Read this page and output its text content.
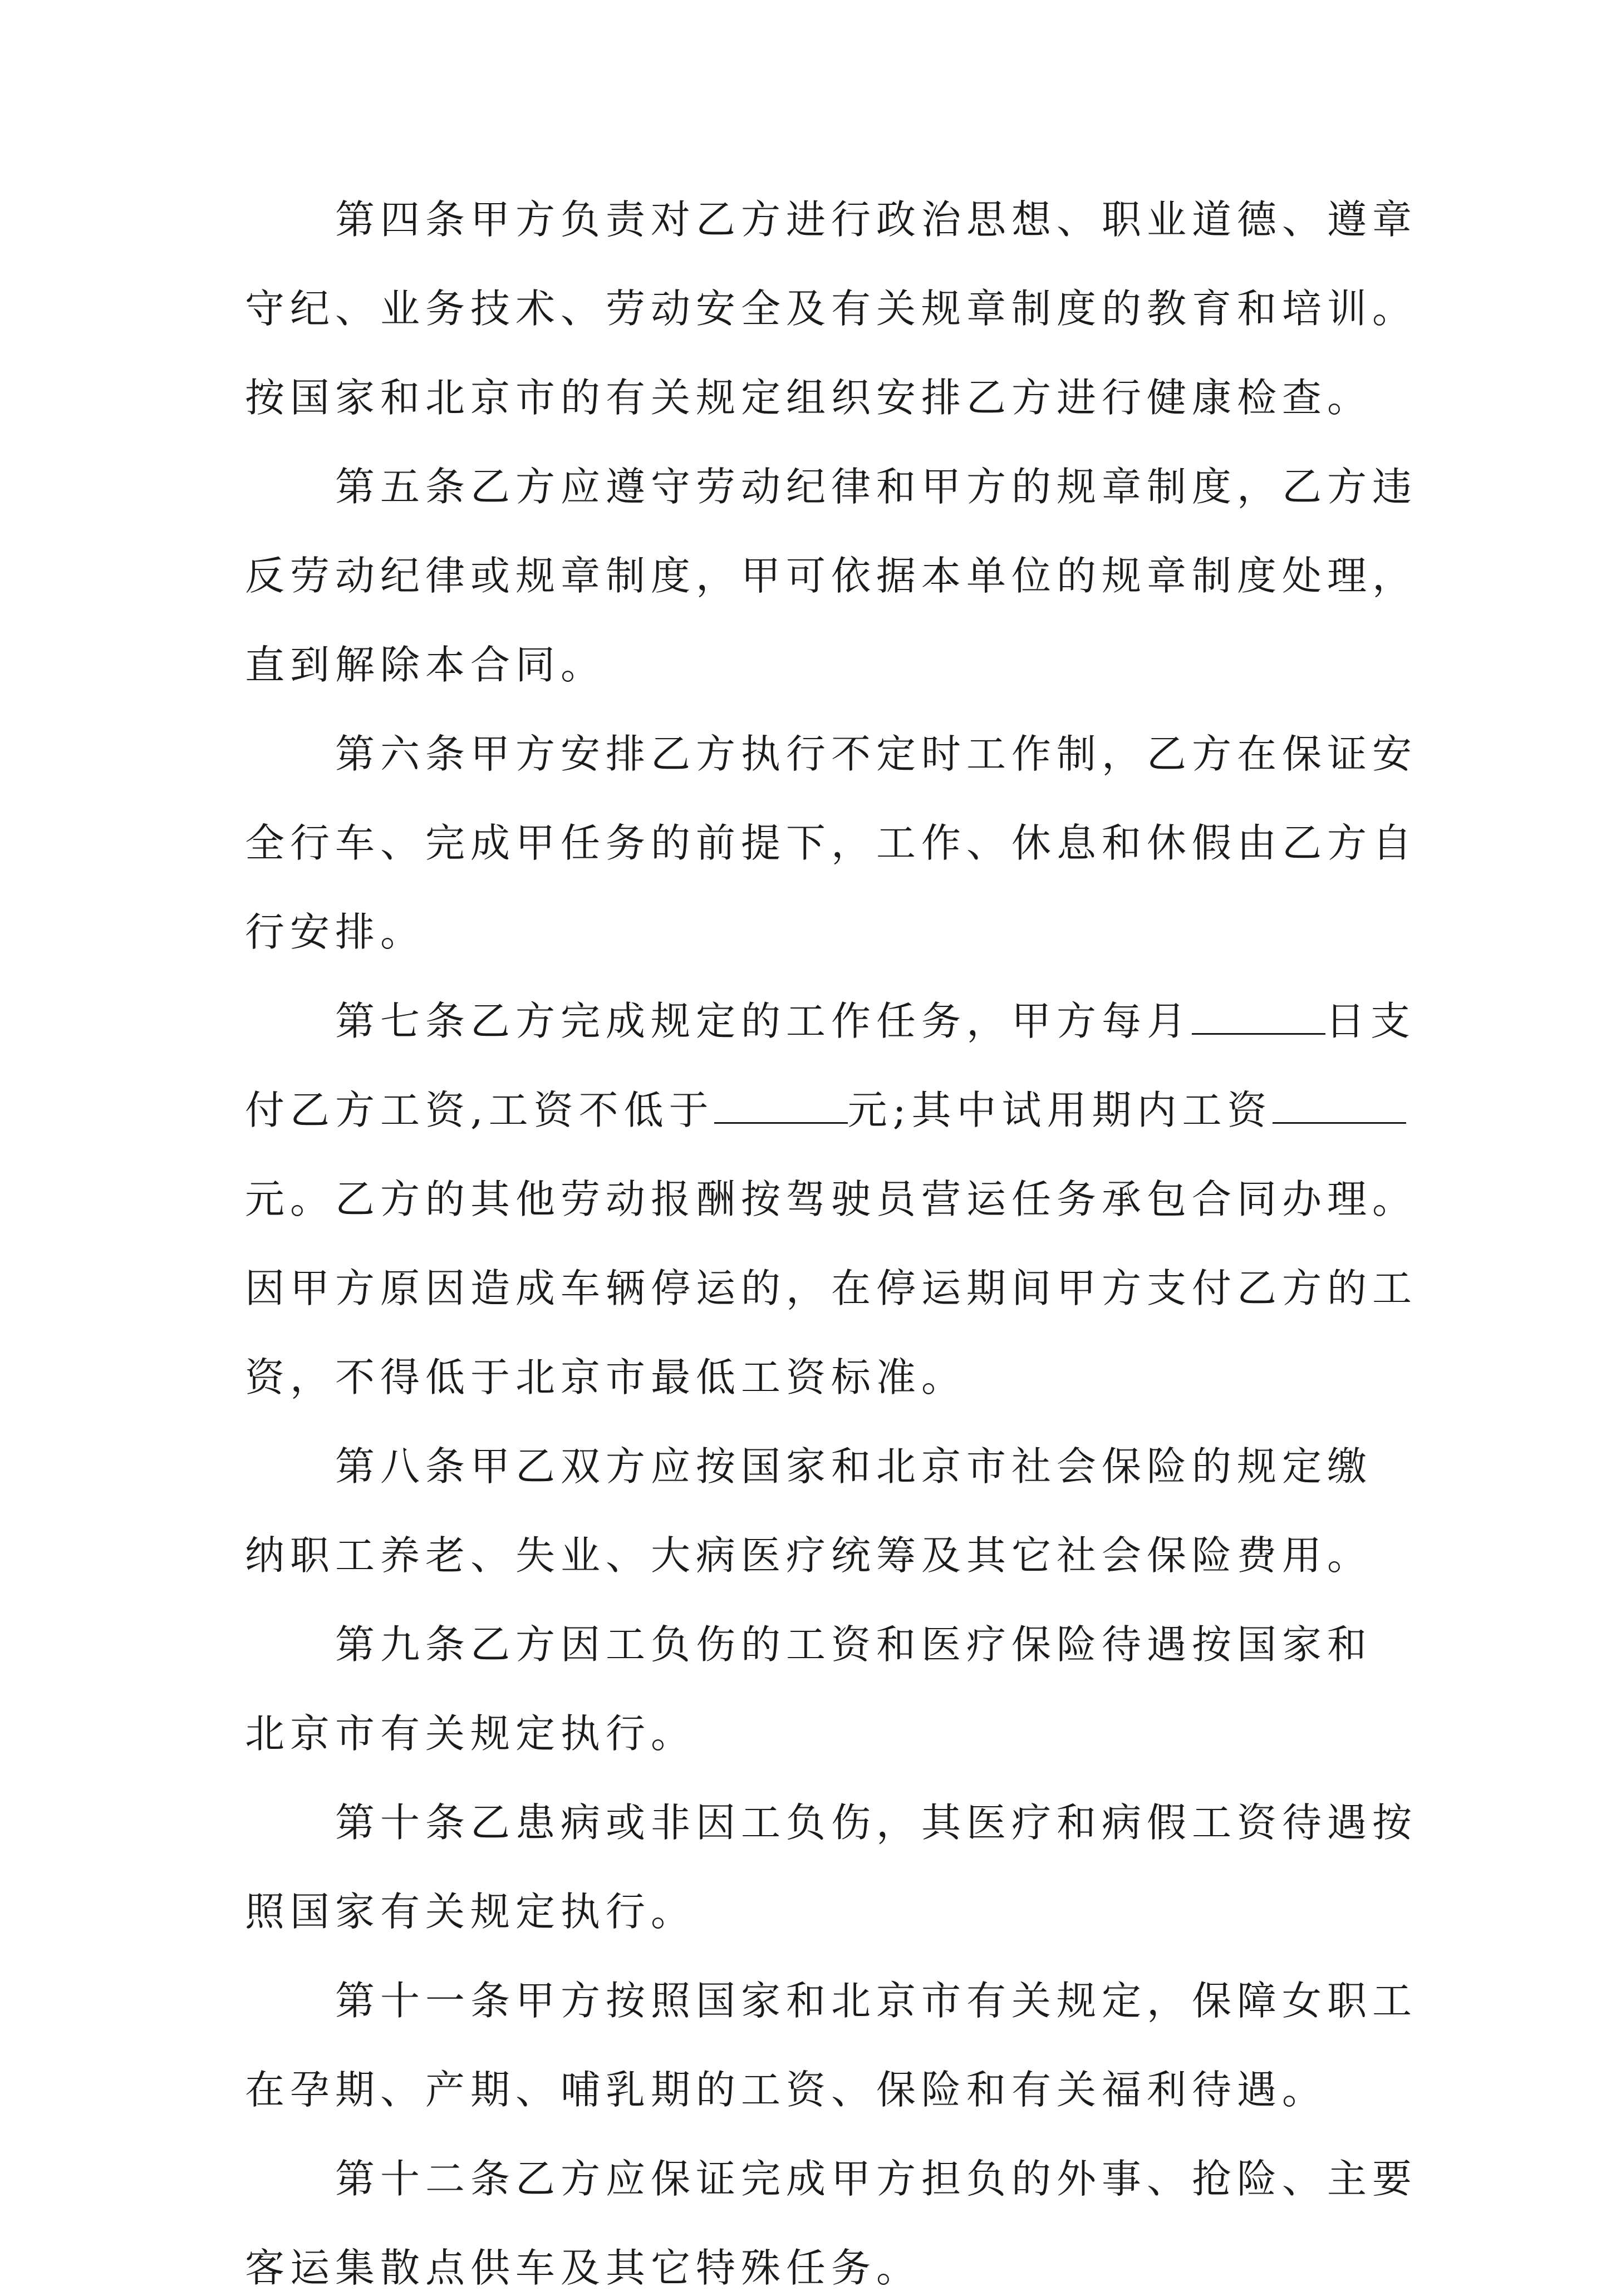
第四条甲方负责对乙方进行政治思想、职业道德、遵章
守纪、业务技术、劳动安全及有关规章制度的教育和培训。
按国家和北京市的有关规定组织安排乙方进行健康检查。
第五条乙方应遵守劳动纪律和甲方的规章制度，乙方违
反劳动纪律或规章制度，甲可依据本单位的规章制度处理，
直到解除本合同。
第六条甲方安排乙方执行不定时工作制，乙方在保证安
全行车、完成甲任务的前提下，工作、休息和休假由乙方自
行安排。
第七条乙方完成规定的工作任务，甲方每月	日支
付乙方工资,工资不低于	元;其中试用期内工资
元。乙方的其他劳动报酬按驾驶员营运任务承包合同办理。
因甲方原因造成车辆停运的，在停运期间甲方支付乙方的工
资，不得低于北京市最低工资标准。
第八条甲乙双方应按国家和北京市社会保险的规定缴
纳职工养老、失业、大病医疗统筹及其它社会保险费用。
第九条乙方因工负伤的工资和医疗保险待遇按国家和
北京市有关规定执行。
第十条乙患病或非因工负伤，其医疗和病假工资待遇按
照国家有关规定执行。
第十一条甲方按照国家和北京市有关规定，保障女职工
在孕期、产期、哺乳期的工资、保险和有关福利待遇。
第十二条乙方应保证完成甲方担负的外事、抢险、主要
客运集散点供车及其它特殊任务。
